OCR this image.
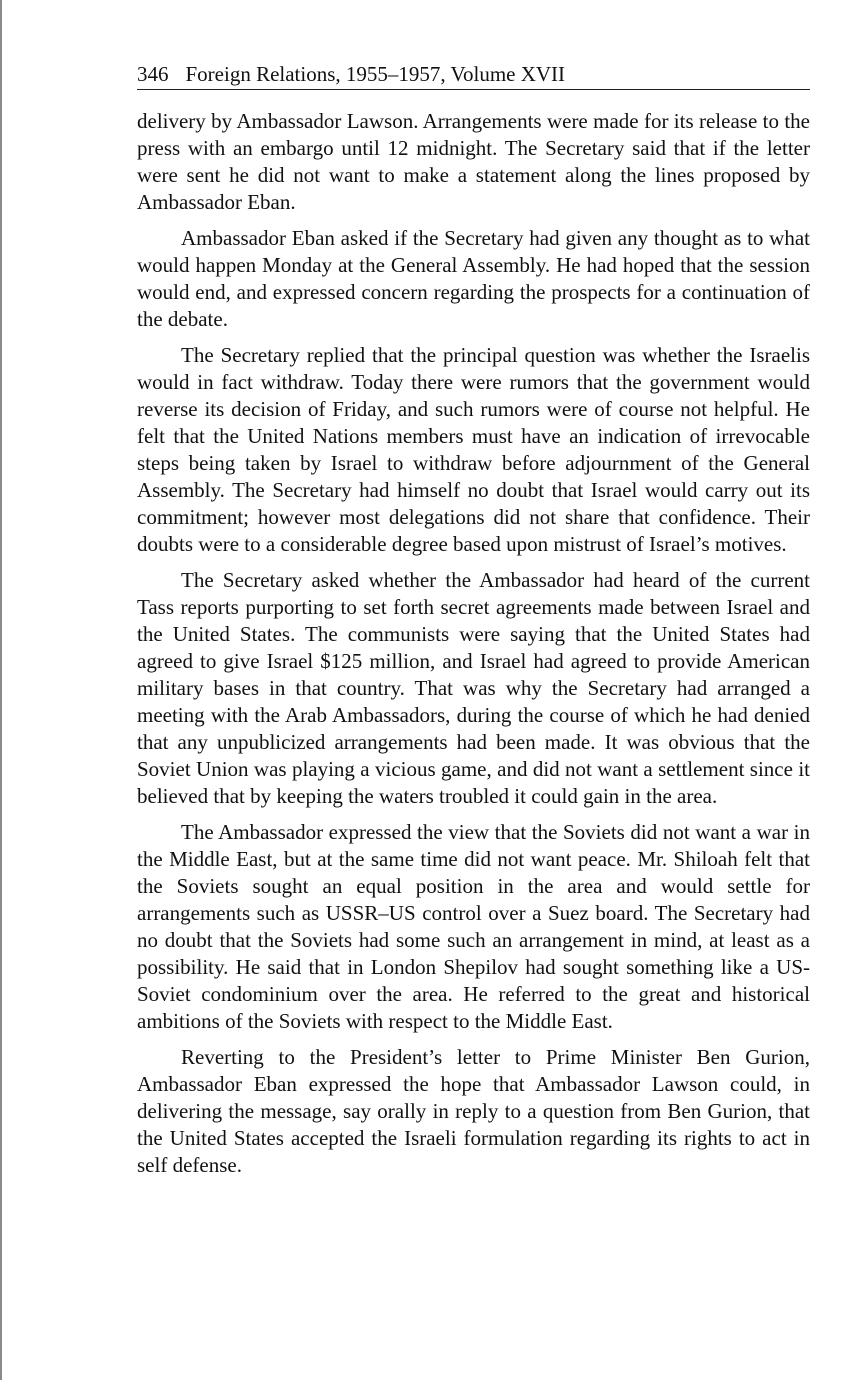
346 Foreign Relations, 1955–1957, Volume XVII

delivery by Ambassador Lawson. Arrangements were made for its release to the press with an embargo until 12 midnight. The Secretary said that if the letter were sent he did not want to make a statement along the lines proposed by Ambassador Eban.

Ambassador Eban asked if the Secretary had given any thought as to what would happen Monday at the General Assembly. He had hoped that the session would end, and expressed concern regarding the prospects for a continuation of the debate.

The Secretary replied that the principal question was whether the Israelis would in fact withdraw. Today there were rumors that the government would reverse its decision of Friday, and such rumors were of course not helpful. He felt that the United Nations members must have an indication of irrevocable steps being taken by Israel to withdraw before adjournment of the General Assembly. The Secretary had himself no doubt that Israel would carry out its commitment; however most delegations did not share that confidence. Their doubts were to a considerable degree based upon mistrust of Israel’s motives.

The Secretary asked whether the Ambassador had heard of the current Tass reports purporting to set forth secret agreements made between Israel and the United States. The communists were saying that the United States had agreed to give Israel $125 million, and Israel had agreed to provide American military bases in that country. That was why the Secretary had arranged a meeting with the Arab Ambassadors, during the course of which he had denied that any unpublicized arrangements had been made. It was obvious that the Soviet Union was playing a vicious game, and did not want a settlement since it believed that by keeping the waters troubled it could gain in the area.

The Ambassador expressed the view that the Soviets did not want a war in the Middle East, but at the same time did not want peace. Mr. Shiloah felt that the Soviets sought an equal position in the area and would settle for arrangements such as USSR–US control over a Suez board. The Secretary had no doubt that the Soviets had some such an arrangement in mind, at least as a possibility. He said that in London Shepilov had sought something like a US-Soviet condominium over the area. He referred to the great and historical ambitions of the Soviets with respect to the Middle East.

Reverting to the President’s letter to Prime Minister Ben Gurion, Ambassador Eban expressed the hope that Ambassador Lawson could, in delivering the message, say orally in reply to a question from Ben Gurion, that the United States accepted the Israeli formulation regarding its rights to act in self defense.
